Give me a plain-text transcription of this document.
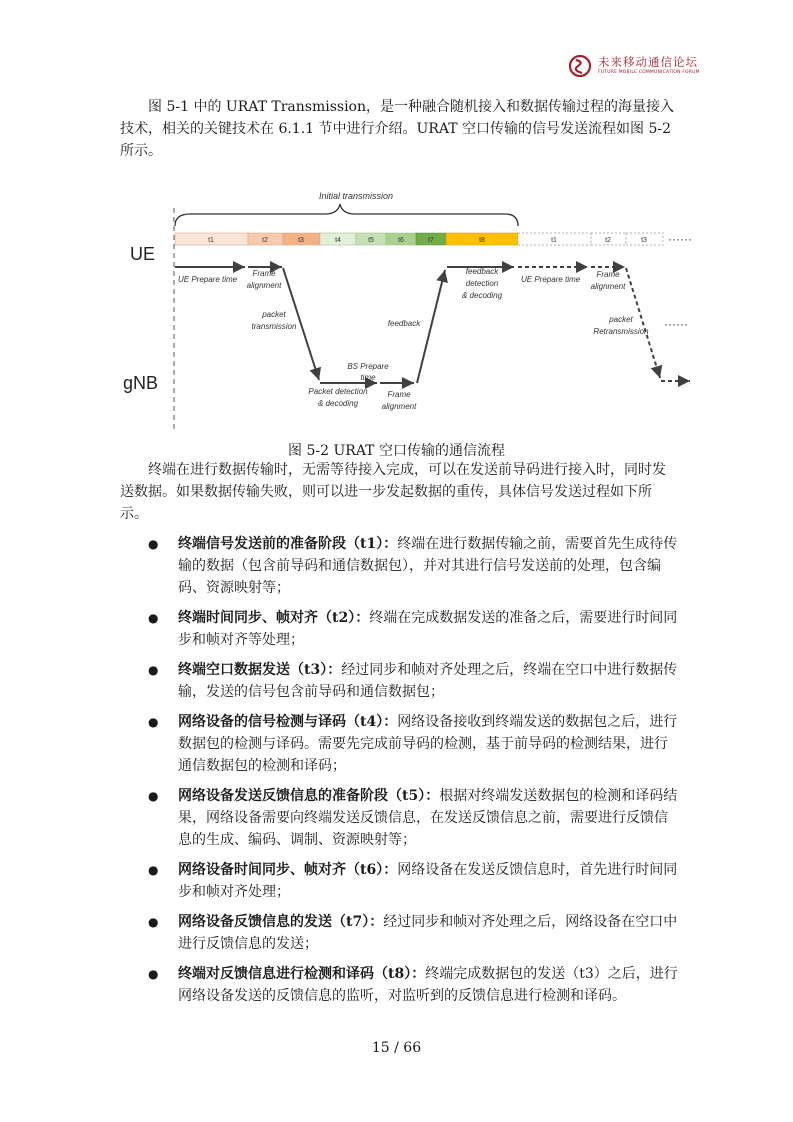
未来移动通信论坛
FUTURE MOBILE COMMUNICATION FORUM

图 5-1 中的 URAT Transmission，是一种融合随机接入和数据传输过程的海量接入技术，相关的关键技术在 6.1.1 节中进行介绍。URAT 空口传输的信号发送流程如图 5-2 所示。

Initial transmission
UE
gNB
t1	t2	t3	t4	t5	t6	t7	t8	t1	t2	t3 ······
······
UE Prepare time
Frame
alignment
packet
transmission
BS Prepare
time
Packet detection
& decoding
Frame
alignment
feedback
feedback
detection
& decoding
UE Prepare time
Frame
alignment
packet
Retransmission
图 5-2 URAT 空口传输的通信流程

终端在进行数据传输时，无需等待接入完成，可以在发送前导码进行接入时，同时发送数据。如果数据传输失败，则可以进一步发起数据的重传，具体信号发送过程如下所示。

● 终端信号发送前的准备阶段（t1）：终端在进行数据传输之前，需要首先生成待传输的数据（包含前导码和通信数据包），并对其进行信号发送前的处理，包含编码、资源映射等；
● 终端时间同步、帧对齐（t2）：终端在完成数据发送的准备之后，需要进行时间同步和帧对齐等处理；
● 终端空口数据发送（t3）：经过同步和帧对齐处理之后，终端在空口中进行数据传输，发送的信号包含前导码和通信数据包；
● 网络设备的信号检测与译码（t4）：网络设备接收到终端发送的数据包之后，进行数据包的检测与译码。需要先完成前导码的检测，基于前导码的检测结果，进行通信数据包的检测和译码；
● 网络设备发送反馈信息的准备阶段（t5）：根据对终端发送数据包的检测和译码结果，网络设备需要向终端发送反馈信息，在发送反馈信息之前，需要进行反馈信息的生成、编码、调制、资源映射等；
● 网络设备时间同步、帧对齐（t6）：网络设备在发送反馈信息时，首先进行时间同步和帧对齐处理；
● 网络设备反馈信息的发送（t7）：经过同步和帧对齐处理之后，网络设备在空口中进行反馈信息的发送；
● 终端对反馈信息进行检测和译码（t8）：终端完成数据包的发送（t3）之后，进行网络设备发送的反馈信息的监听，对监听到的反馈信息进行检测和译码。
15 / 66
